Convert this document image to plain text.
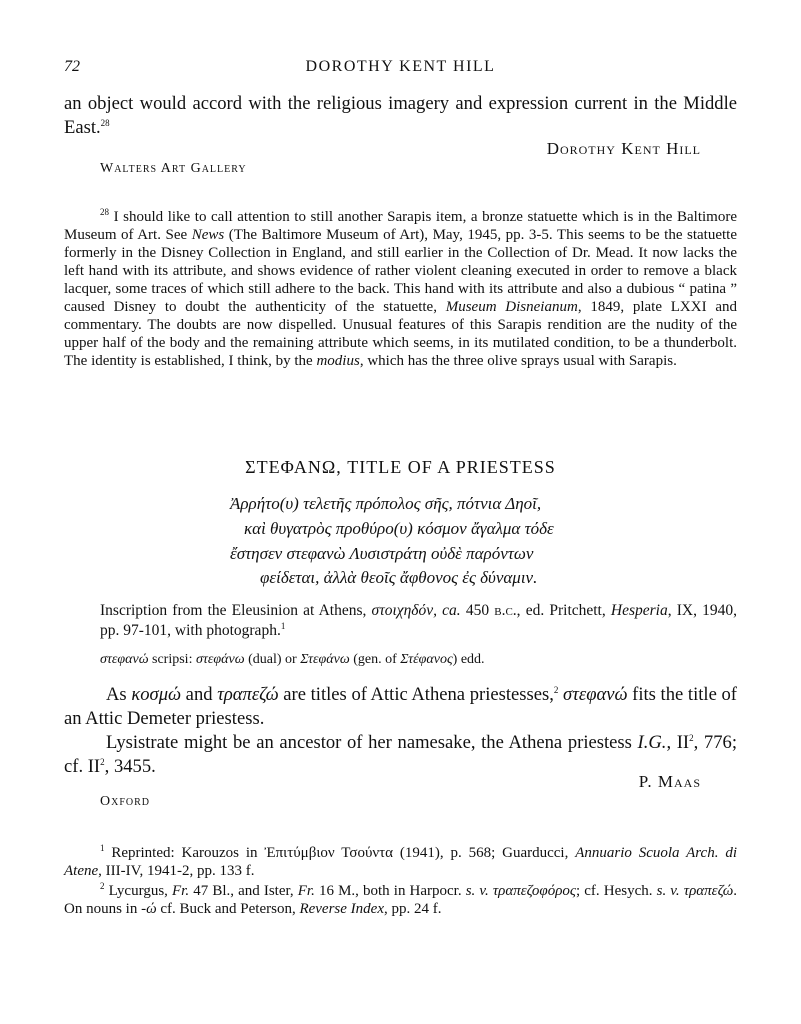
72	DOROTHY KENT HILL

an object would accord with the religious imagery and expression current in the Middle East.$^{28}$

Dorothy Kent Hill
Walters Art Gallery

$^{28}$ I should like to call attention to still another Sarapis item, a bronze statuette which is in the Baltimore Museum of Art. See News (The Baltimore Museum of Art), May, 1945, pp. 3-5. This seems to be the statuette formerly in the Disney Collection in England, and still earlier in the Collection of Dr. Mead. It now lacks the left hand with its attribute, and shows evidence of rather violent cleaning executed in order to remove a black lacquer, some traces of which still adhere to the back. This hand with its attribute and also a dubious “ patina ” caused Disney to doubt the authenticity of the statuette, Museum Disneianum, 1849, plate LXXI and commentary. The doubts are now dispelled. Unusual features of this Sarapis rendition are the nudity of the upper half of the body and the remaining attribute which seems, in its mutilated condition, to be a thunderbolt. The identity is established, I think, by the modius, which has the three olive sprays usual with Sarapis.

ΣΤΕΦΑΝΩ, TITLE OF A PRIESTESS
Ἀρρήτο(υ) τελετῆς πρόπολος σῆς, πότνια Δηοῖ,
καὶ θυγατρὸς προθύρο(υ) κόσμον ἄγαλμα τόδε
ἔστησεν στεφανὼ Λυσιστράτη οὐδὲ παρόντων
φείδεται, ἀλλὰ θεοῖς ἄφθονος ἐς δύναμιν.

Inscription from the Eleusinion at Athens, στοιχηδόν, ca. 450 b.c., ed. Pritchett, Hesperia, IX, 1940, pp. 97-101, with photograph.$^1$

στεφανώ scripsi: στεφάνω (dual) or Στεφάνω (gen. of Στέφανος) edd.

As κοσμώ and τραπεζώ are titles of Attic Athena priestesses,$^2$ στεφανώ fits the title of an Attic Demeter priestess.

Lysistrate might be an ancestor of her namesake, the Athena priestess I.G., $II^2$, 776; cf. $II^2$, 3455.

P. Maas
Oxford

$^1$ Reprinted: Karouzos in Ἐπιτύμβιον Τσούντα (1941), p. 568; Guarducci, Annuario Scuola Arch. di Atene, III-IV, 1941-2, pp. 133 f.

$^2$ Lycurgus, Fr. 47 Bl., and Ister, Fr. 16 M., both in Harpocr. s. v. τραπεζοφόρος; cf. Hesych. s. v. τραπεζώ. On nouns in -ώ cf. Buck and Peterson, Reverse Index, pp. 24 f.
